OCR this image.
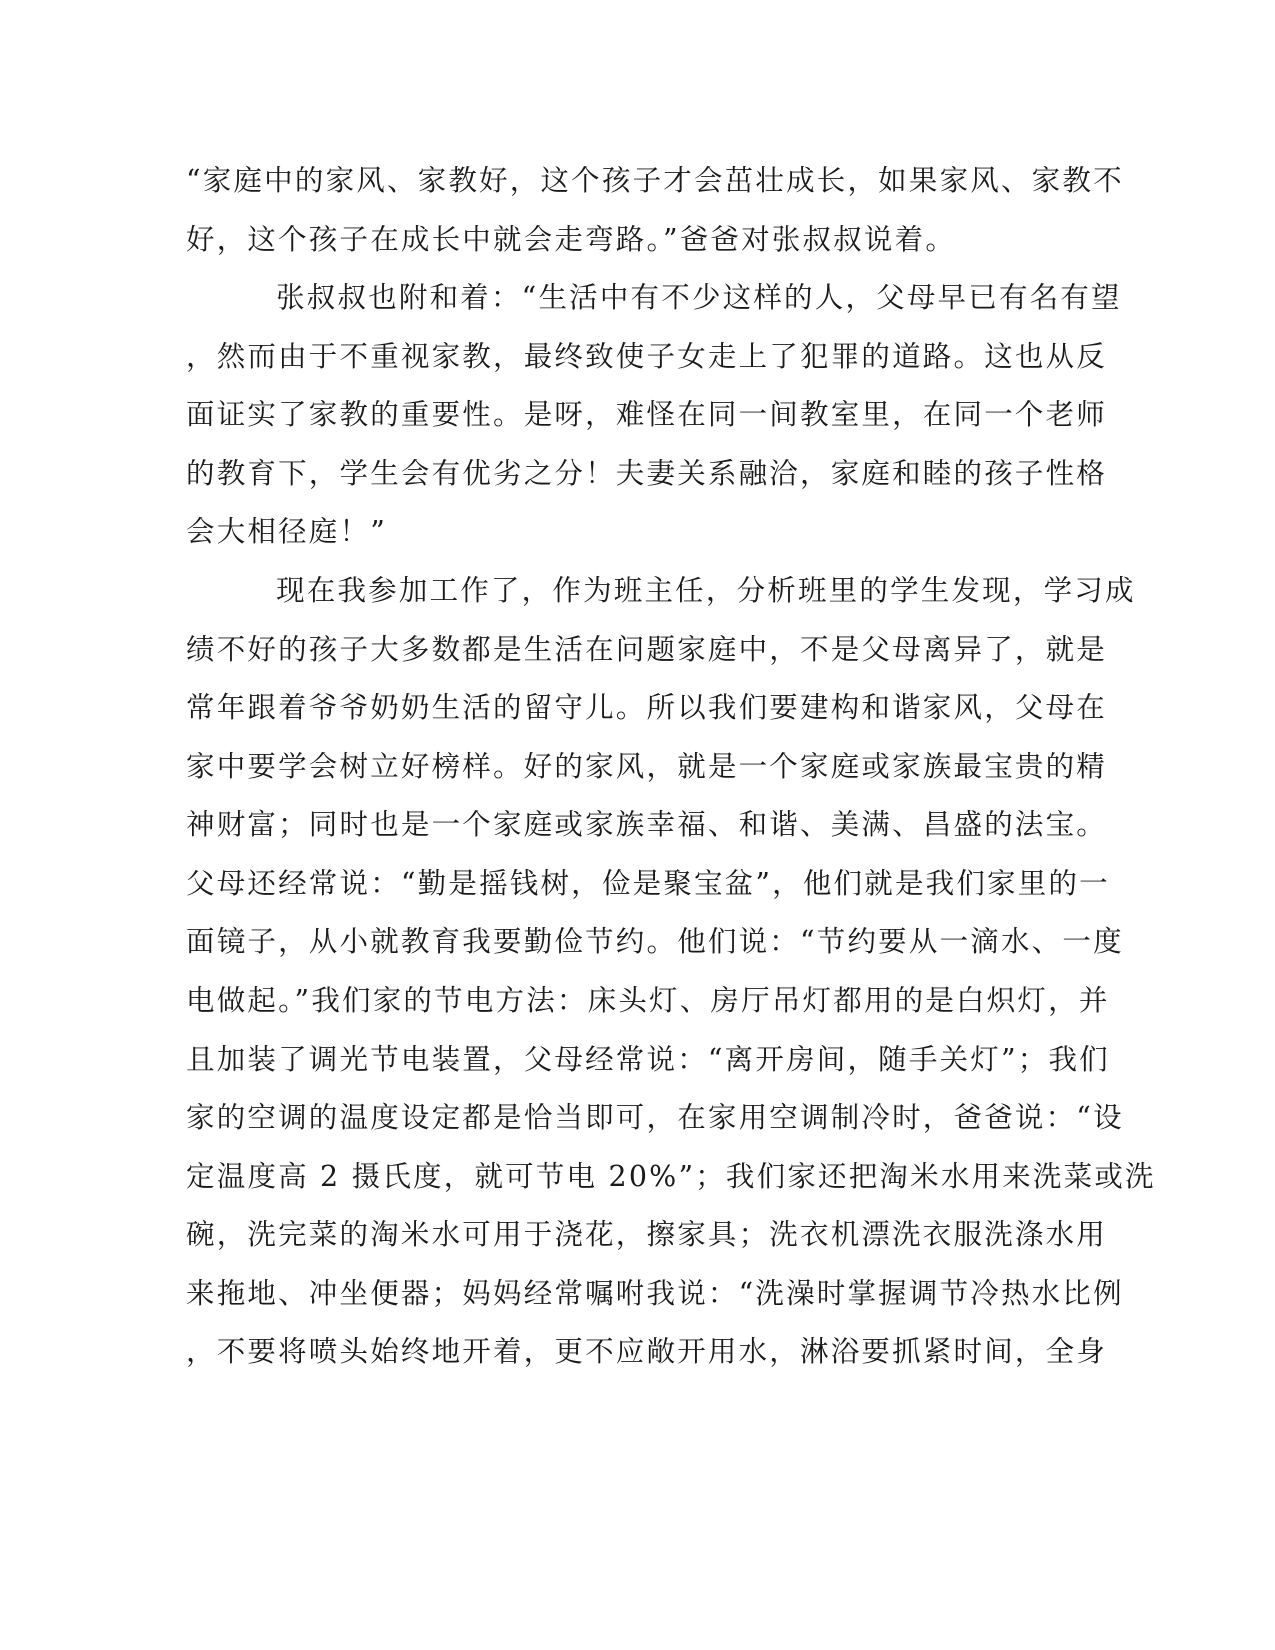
“家庭中的家风、家教好，这个孩子才会茁壮成长，如果家风、家教不
好，这个孩子在成长中就会走弯路。”爸爸对张叔叔说着。
张叔叔也附和着：“生活中有不少这样的人，父母早已有名有望
，然而由于不重视家教，最终致使子女走上了犯罪的道路。这也从反
面证实了家教的重要性。是呀，难怪在同一间教室里，在同一个老师
的教育下，学生会有优劣之分！夫妻关系融洽，家庭和睦的孩子性格
会大相径庭！”
现在我参加工作了，作为班主任，分析班里的学生发现，学习成
绩不好的孩子大多数都是生活在问题家庭中，不是父母离异了，就是
常年跟着爷爷奶奶生活的留守儿。所以我们要建构和谐家风，父母在
家中要学会树立好榜样。好的家风，就是一个家庭或家族最宝贵的精
神财富；同时也是一个家庭或家族幸福、和谐、美满、昌盛的法宝。
父母还经常说：“勤是摇钱树，俭是聚宝盆”，他们就是我们家里的一
面镜子，从小就教育我要勤俭节约。他们说：“节约要从一滴水、一度
电做起。”我们家的节电方法：床头灯、房厅吊灯都用的是白炽灯，并
且加装了调光节电装置，父母经常说：“离开房间，随手关灯”；我们
家的空调的温度设定都是恰当即可，在家用空调制冷时，爸爸说：“设
定温度高 2 摄氏度，就可节电 20%”；我们家还把淘米水用来洗菜或洗
碗，洗完菜的淘米水可用于浇花，擦家具；洗衣机漂洗衣服洗涤水用
来拖地、冲坐便器；妈妈经常嘱咐我说：“洗澡时掌握调节冷热水比例
，不要将喷头始终地开着，更不应敞开用水，淋浴要抓紧时间，全身
